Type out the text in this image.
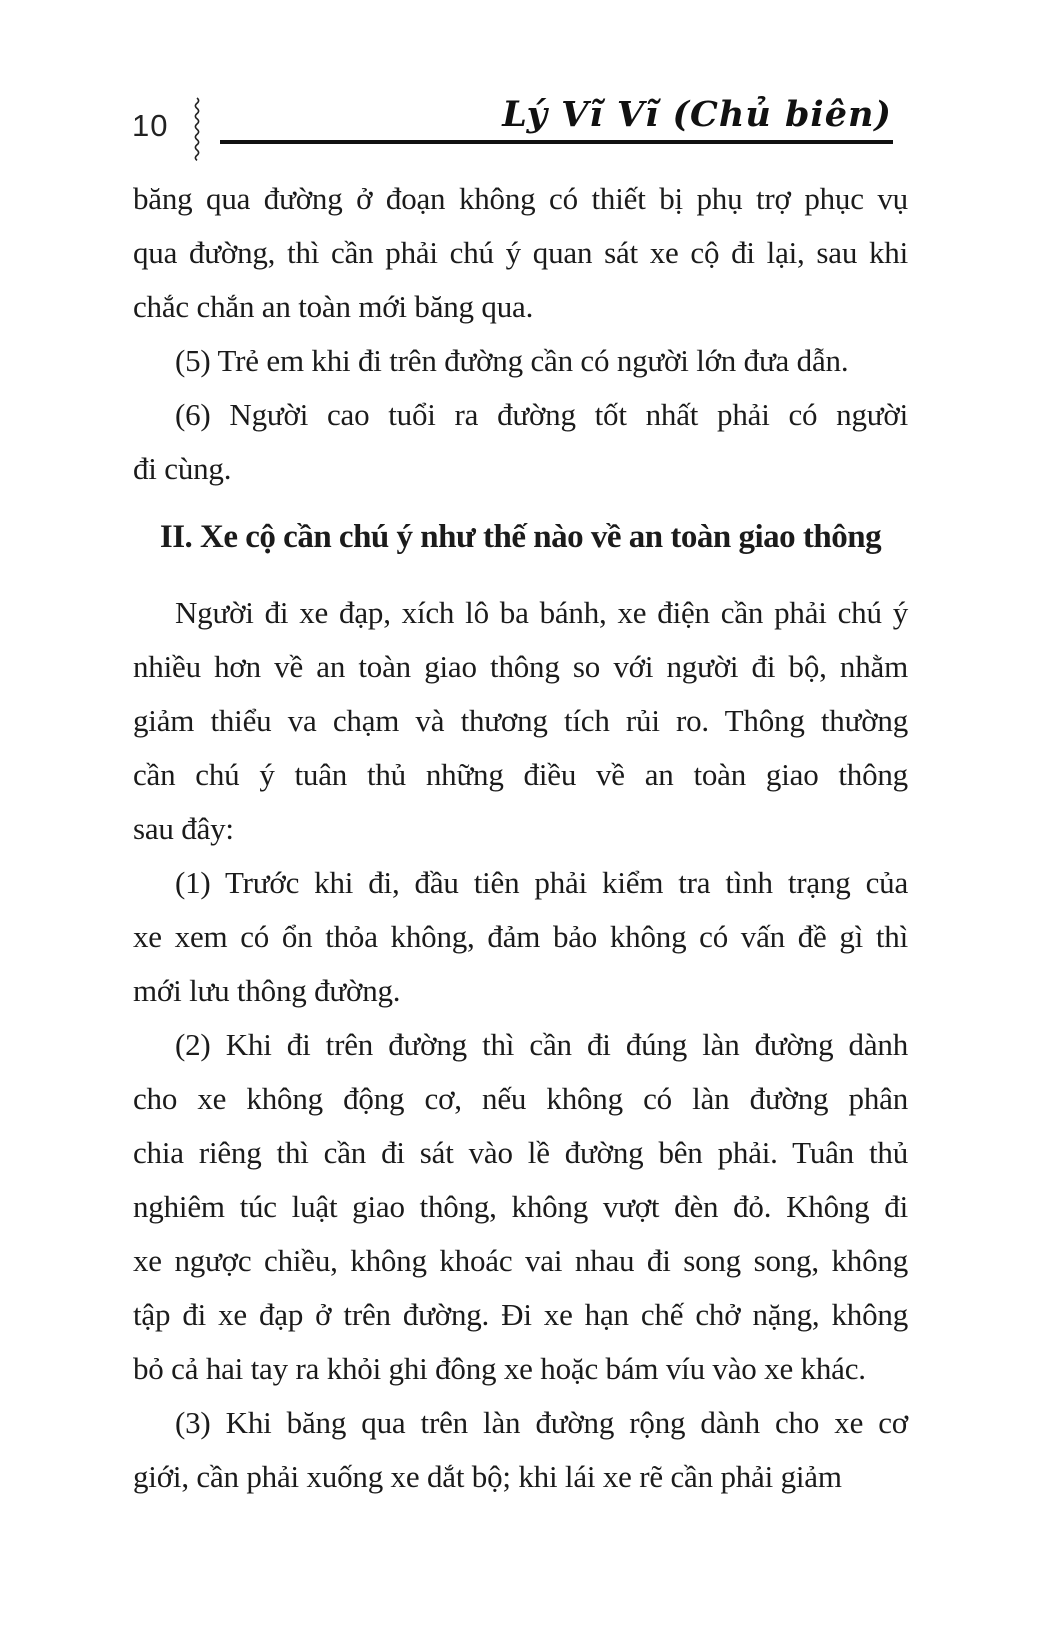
10	Lý Vĩ Vĩ (Chủ biên)
băng qua đường ở đoạn không có thiết bị phụ trợ phục vụ
qua đường, thì cần phải chú ý quan sát xe cộ đi lại, sau khi
chắc chắn an toàn mới băng qua.
(5) Trẻ em khi đi trên đường cần có người lớn đưa dẫn.
(6) Người cao tuổi ra đường tốt nhất phải có người
đi cùng.
II. Xe cộ cần chú ý như thế nào về an toàn giao thông
Người đi xe đạp, xích lô ba bánh, xe điện cần phải chú ý
nhiều hơn về an toàn giao thông so với người đi bộ, nhằm
giảm thiểu va chạm và thương tích rủi ro. Thông thường
cần chú ý tuân thủ những điều về an toàn giao thông
sau đây:
(1) Trước khi đi, đầu tiên phải kiểm tra tình trạng của
xe xem có ổn thỏa không, đảm bảo không có vấn đề gì thì
mới lưu thông đường.
(2) Khi đi trên đường thì cần đi đúng làn đường dành
cho xe không động cơ, nếu không có làn đường phân
chia riêng thì cần đi sát vào lề đường bên phải. Tuân thủ
nghiêm túc luật giao thông, không vượt đèn đỏ. Không đi
xe ngược chiều, không khoác vai nhau đi song song, không
tập đi xe đạp ở trên đường. Đi xe hạn chế chở nặng, không
bỏ cả hai tay ra khỏi ghi đông xe hoặc bám víu vào xe khác.
(3) Khi băng qua trên làn đường rộng dành cho xe cơ
giới, cần phải xuống xe dắt bộ; khi lái xe rẽ cần phải giảm
